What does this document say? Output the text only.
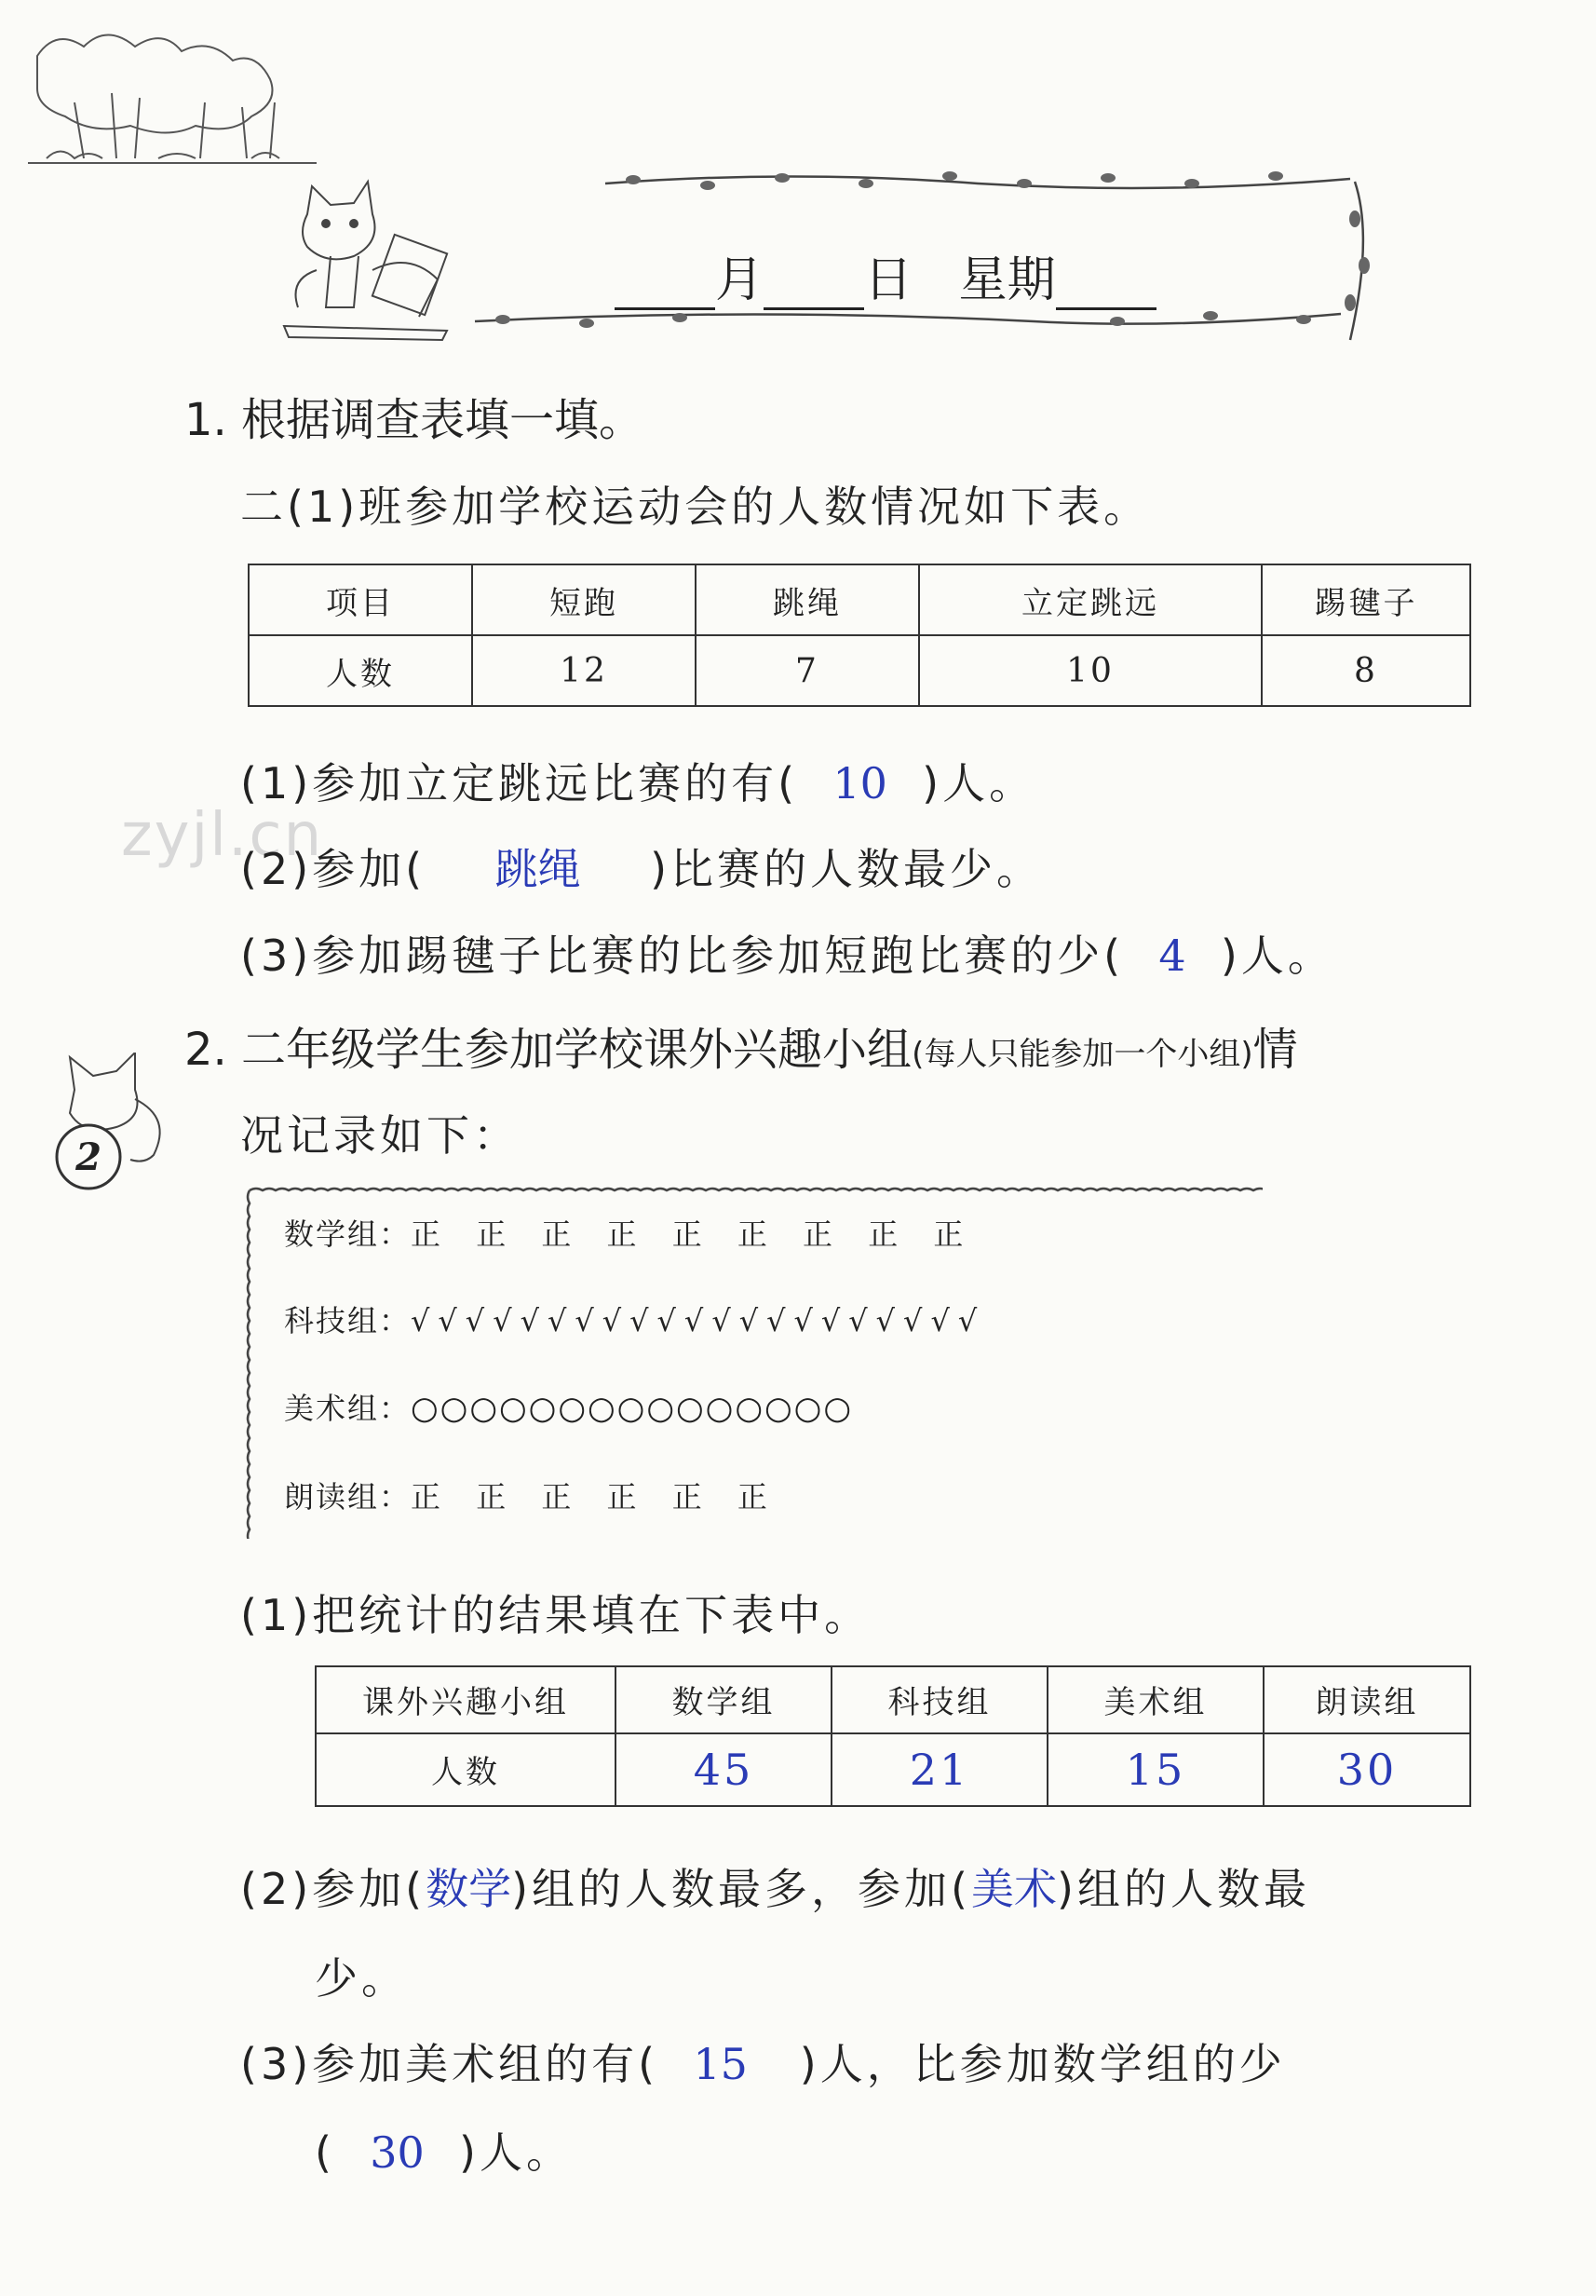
月 日 星期
zyjl.cn
1. 根据调查表填一填。
二(1)班参加学校运动会的人数情况如下表。
项目	短跑	跳绳	立定跳远	踢毽子
人数	12	7	10	8
(1)参加立定跳远比赛的有( 10 )人。
(2)参加( 跳绳 )比赛的人数最少。
(3)参加踢毽子比赛的比参加短跑比赛的少( 4 )人。
2
2. 二年级学生参加学校课外兴趣小组(每人只能参加一个小组)情
况记录如下：
数学组：正 正 正 正 正 正 正 正 正
科技组：√√√√√√√√√√√√√√√√√√√√√
美术组：○○○○○○○○○○○○○○○
朗读组：正 正 正 正 正 正
(1)把统计的结果填在下表中。
课外兴趣小组	数学组	科技组	美术组	朗读组
人数	45	21	15	30
(2)参加(数学)组的人数最多，参加(美术)组的人数最
少。
(3)参加美术组的有( 15 )人，比参加数学组的少
( 30 )人。
